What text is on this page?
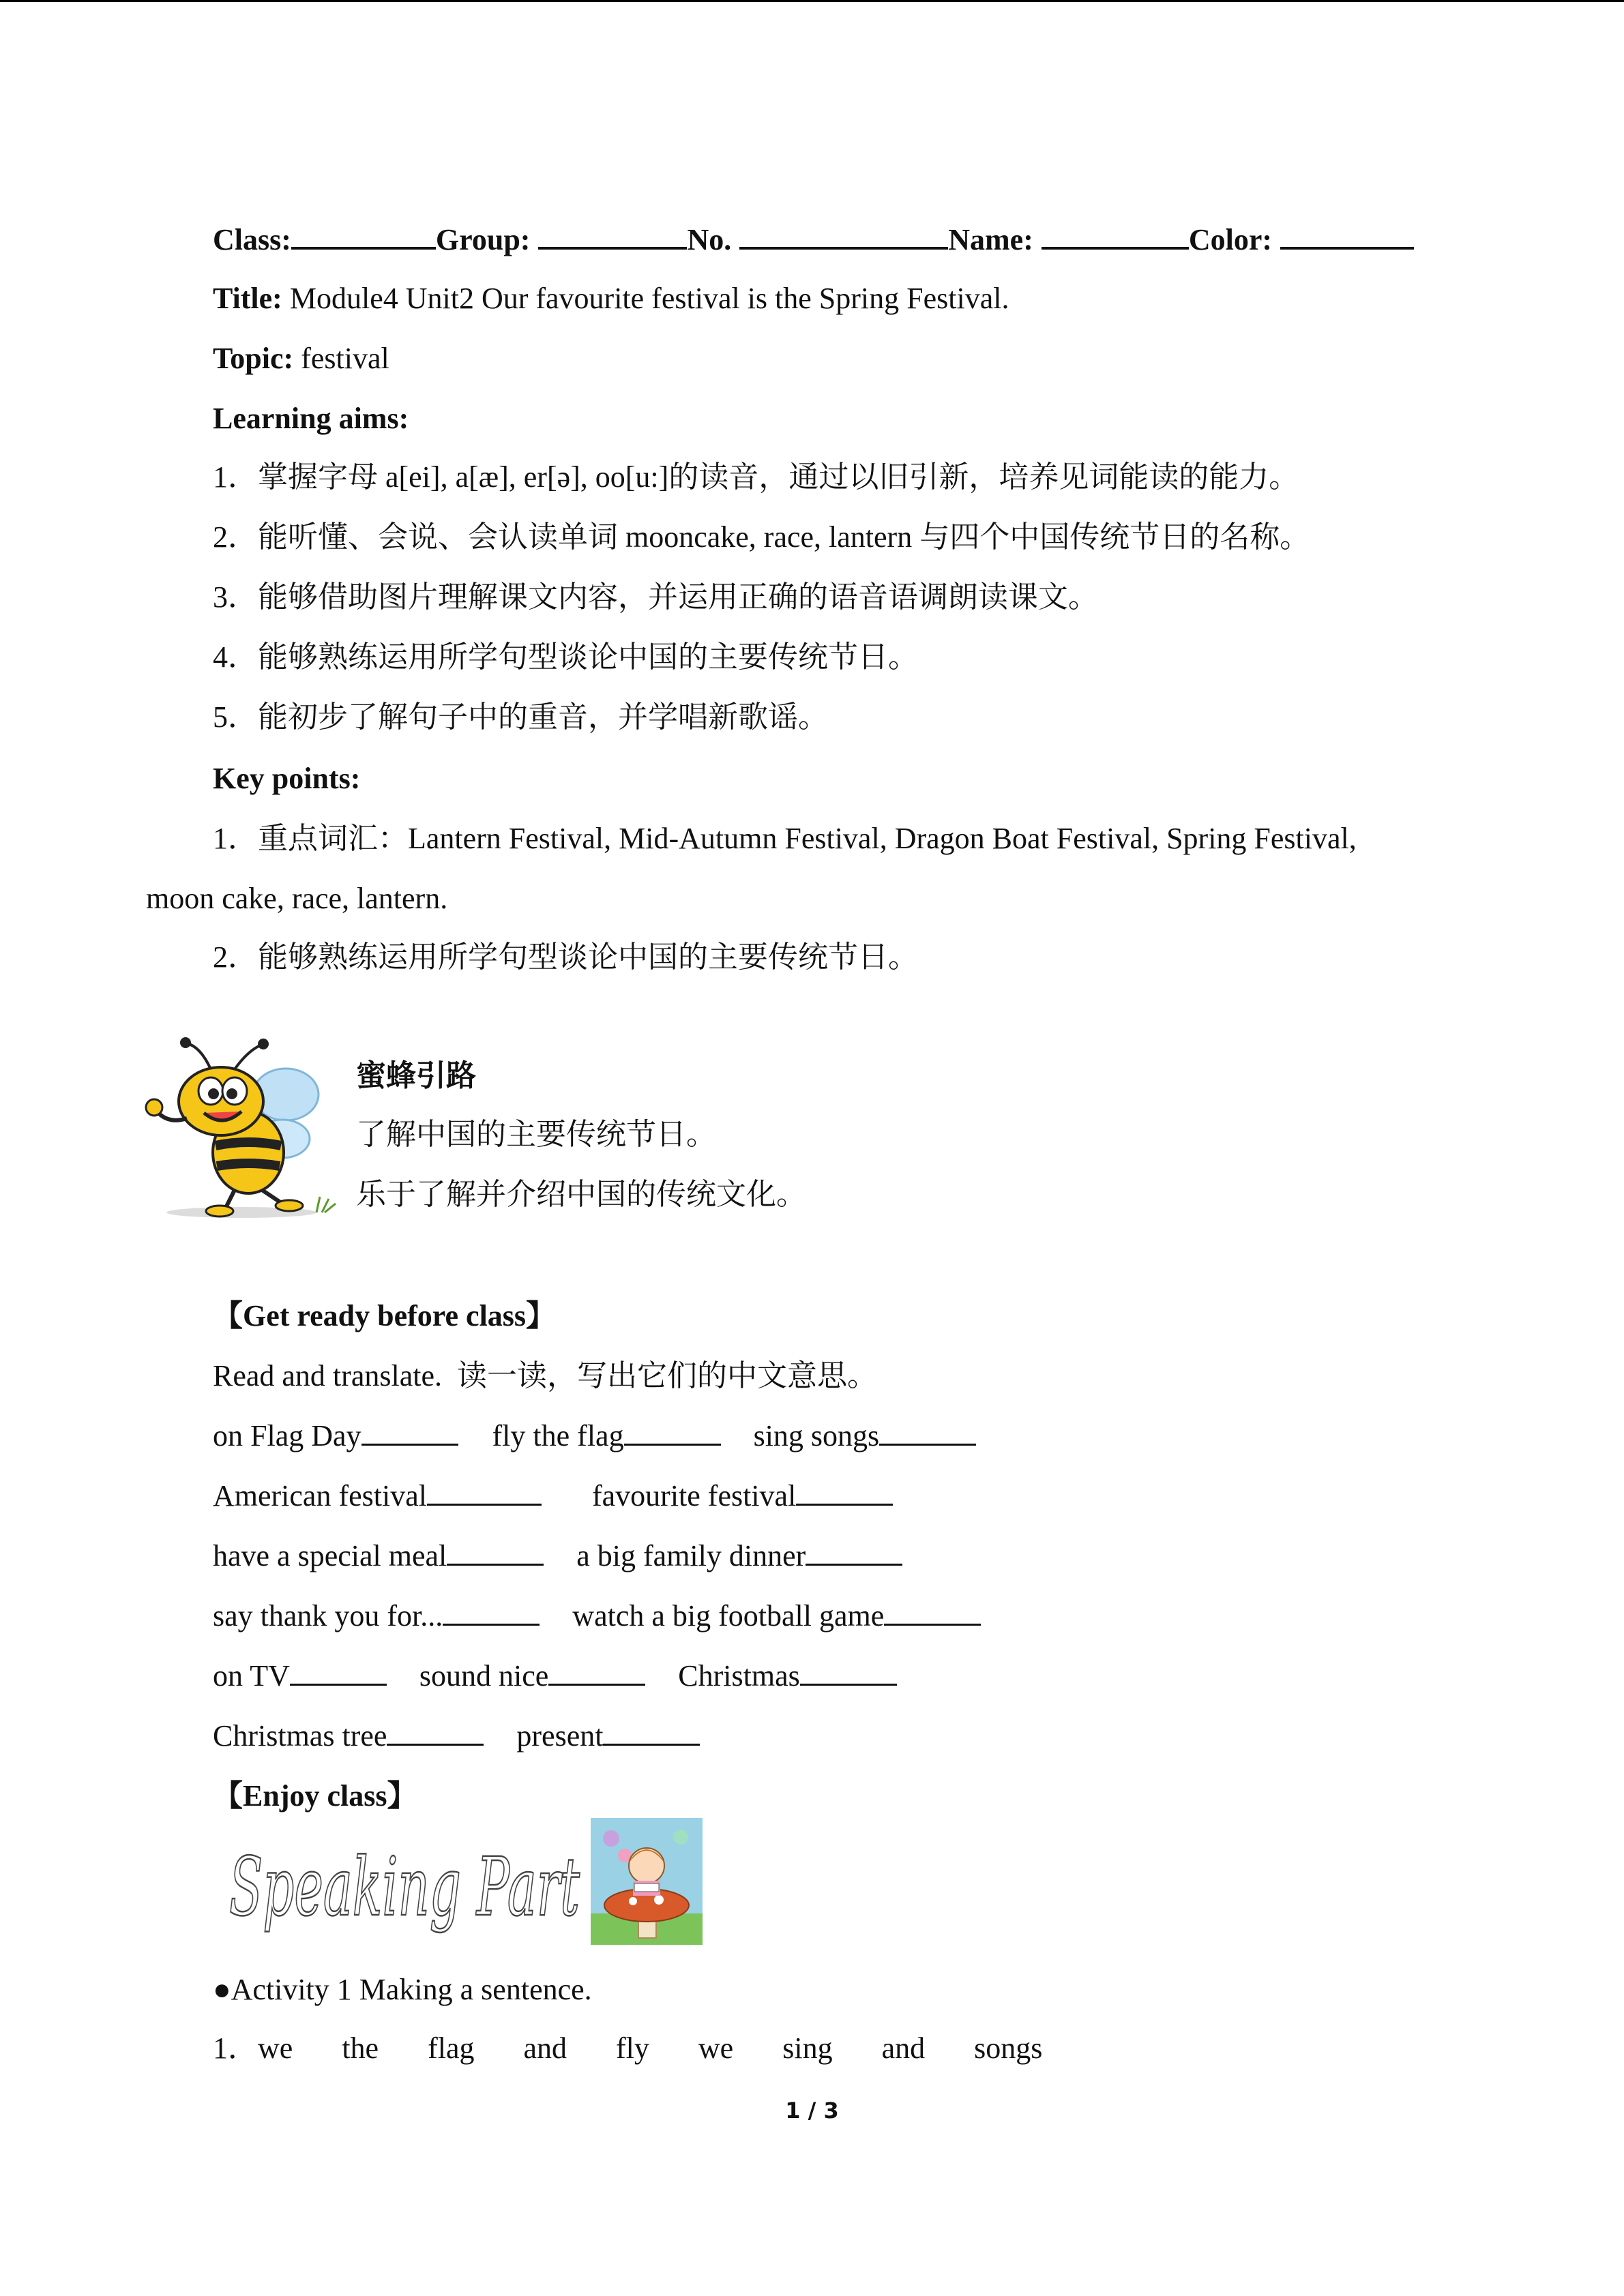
Class:	Group:	No.	Name:	Color:
Title: Module4 Unit2 Our favourite festival is the Spring Festival.
Topic: festival
Learning aims:
1．掌握字母 a[ei], a[æ], er[ə], oo[u:]的读音，通过以旧引新，培养见词能读的能力。
2．能听懂、会说、会认读单词 mooncake, race, lantern 与四个中国传统节日的名称。
3．能够借助图片理解课文内容，并运用正确的语音语调朗读课文。
4．能够熟练运用所学句型谈论中国的主要传统节日。
5．能初步了解句子中的重音，并学唱新歌谣。
Key points:
1．重点词汇：Lantern Festival, Mid-Autumn Festival, Dragon Boat Festival, Spring Festival,
moon cake, race, lantern.
2．能够熟练运用所学句型谈论中国的主要传统节日。
蜜蜂引路
了解中国的主要传统节日。
乐于了解并介绍中国的传统文化。
【Get ready before class】
Read and translate.  读一读，写出它们的中文意思。
on Flag Day	fly the flag	sing songs
American festival	favourite festival
have a special meal	a big family dinner
say thank you for...	watch a big football game
on TV	sound nice	Christmas
Christmas tree	present
【Enjoy class】
Speaking Part
●Activity 1 Making a sentence.
1．we the flag and fly we sing and songs
1 / 3
